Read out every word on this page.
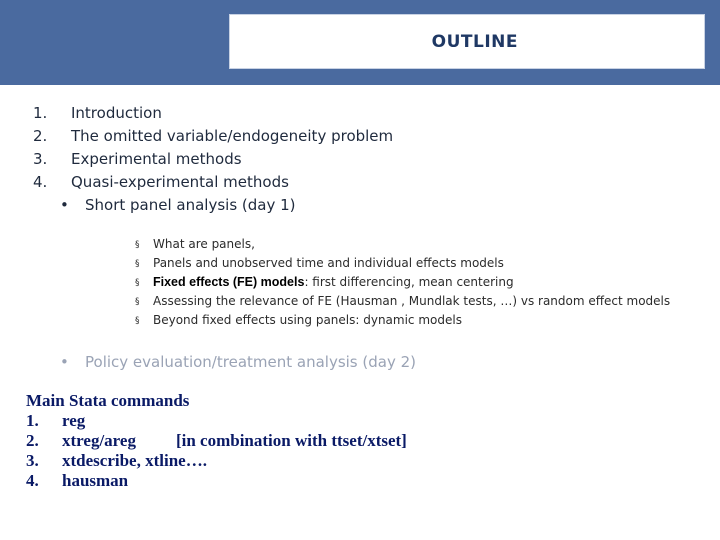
OUTLINE
1. Introduction
2. The omitted variable/endogeneity problem
3. Experimental methods
4. Quasi-experimental methods
• Short panel analysis (day 1)
§ What are panels,
§ Panels and unobserved time and individual effects models
§ Fixed effects (FE) models: first differencing, mean centering
§ Assessing the relevance of FE (Hausman , Mundlak tests, …) vs random effect models
§ Beyond fixed effects using panels: dynamic models
• Policy evaluation/treatment analysis (day 2)
Main Stata commands
1. reg
2. xtreg/areg [in combination with ttset/xtset]
3. xtdescribe, xtline….
4. hausman
